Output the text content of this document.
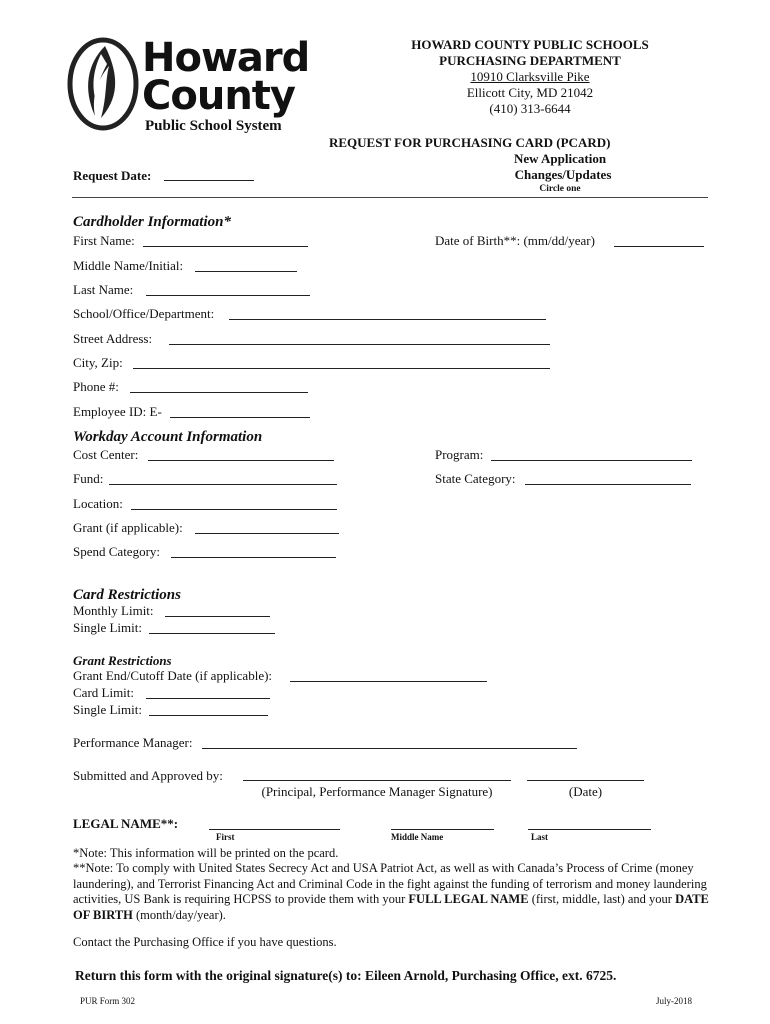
Howard
County
Public School System
HOWARD COUNTY PUBLIC SCHOOLS
PURCHASING DEPARTMENT
10910 Clarksville Pike
Ellicott City, MD 21042
(410) 313-6644
REQUEST FOR PURCHASING CARD (PCARD)
New Application
Changes/Updates
Circle one
Request Date:
Cardholder Information*
First Name:	Date of Birth**: (mm/dd/year)
Middle Name/Initial:
Last Name:
School/Office/Department:
Street Address:
City, Zip:
Phone #:
Employee ID: E-
Workday Account Information
Cost Center:	Program:
Fund:	State Category:
Location:
Grant (if applicable):
Spend Category:
Card Restrictions
Monthly Limit:
Single Limit:
Grant Restrictions
Grant End/Cutoff Date (if applicable):
Card Limit:
Single Limit:
Performance Manager:
Submitted and Approved by:
(Principal, Performance Manager Signature)	(Date)
LEGAL NAME**:
First	Middle Name	Last
*Note: This information will be printed on the pcard.
**Note: To comply with United States Secrecy Act and USA Patriot Act, as well as with Canada’s Process of Crime (money laundering), and Terrorist Financing Act and Criminal Code in the fight against the funding of terrorism and money laundering activities, US Bank is requiring HCPSS to provide them with your FULL LEGAL NAME (first, middle, last) and your DATE OF BIRTH (month/day/year).
Contact the Purchasing Office if you have questions.
Return this form with the original signature(s) to: Eileen Arnold, Purchasing Office, ext. 6725.
PUR Form 302	July-2018
